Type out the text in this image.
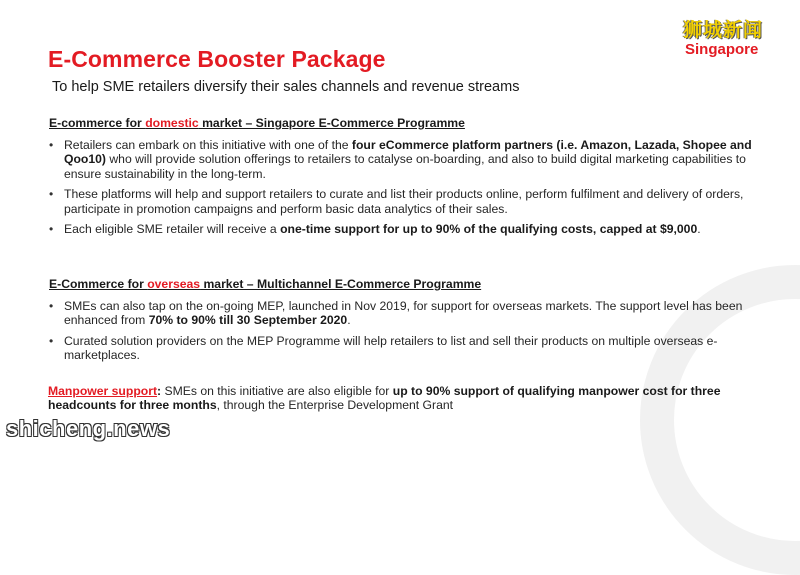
狮城新闻
Singapore
E-Commerce Booster Package

To help SME retailers diversify their sales channels and revenue streams

E-commerce for domestic market – Singapore E-Commerce Programme

• Retailers can embark on this initiative with one of the four eCommerce platform partners (i.e. Amazon, Lazada, Shopee and Qoo10) who will provide solution offerings to retailers to catalyse on-boarding, and also to build digital marketing capabilities to ensure sustainability in the long-term.
• These platforms will help and support retailers to curate and list their products online, perform fulfilment and delivery of orders, participate in promotion campaigns and perform basic data analytics of their sales.
• Each eligible SME retailer will receive a one-time support for up to 90% of the qualifying costs, capped at $9,000.

E-Commerce for overseas market – Multichannel E-Commerce Programme

• SMEs can also tap on the on-going MEP, launched in Nov 2019, for support for overseas markets. The support level has been enhanced from 70% to 90% till 30 September 2020.
• Curated solution providers on the MEP Programme will help retailers to list and sell their products on multiple overseas e-marketplaces.

Manpower support: SMEs on this initiative are also eligible for up to 90% support of qualifying manpower cost for three headcounts for three months, through the Enterprise Development Grant

shicheng.news
